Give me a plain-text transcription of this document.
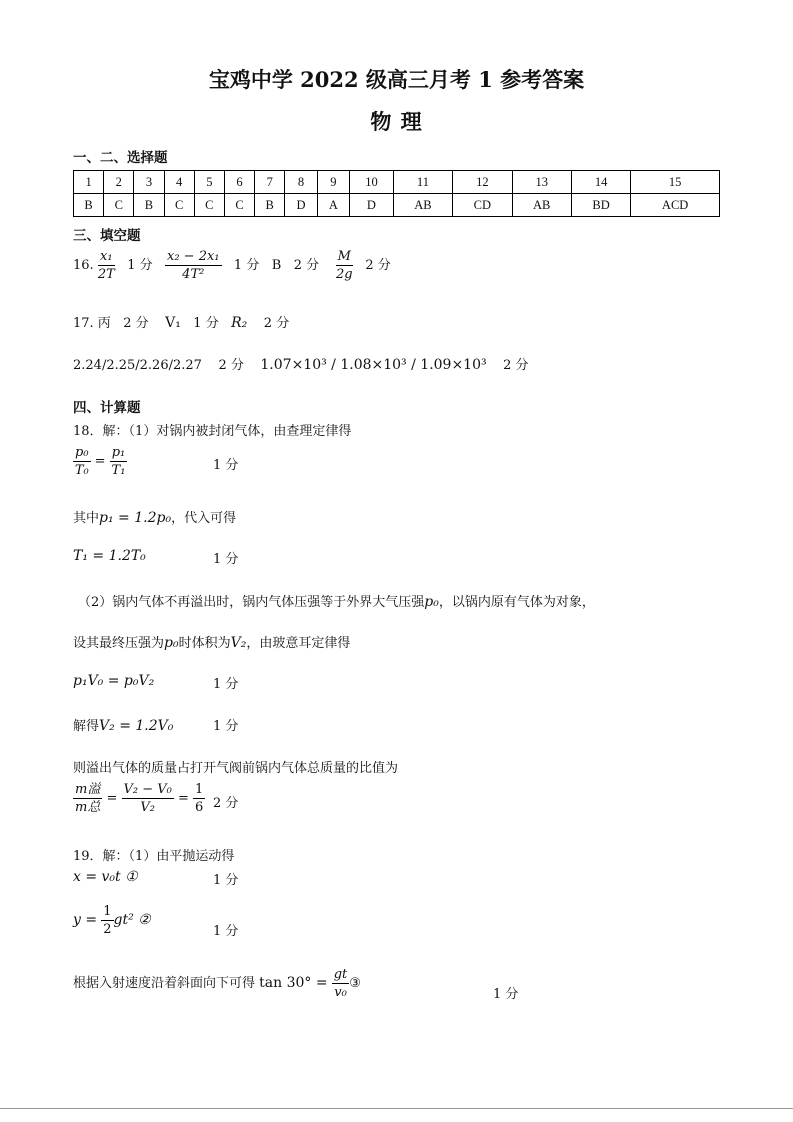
宝鸡中学 2022 级高三月考 1 参考答案
物 理
一、二、选择题
1	2	3	4	5	6	7	8	9	10	11	12	13	14	15
B	C	B	C	C	C	B	D	A	D	AB	CD	AB	BD	ACD
三、填空题
16. $\frac{\text{x₁}}{2T} 1$ 分 $\frac{\text{x₂ − 2x₁}}{\text{4T²}} 1$ 分 B 2 分 $\frac{M}{2g} 2$ 分
17. 丙 2 分 V₁ 1 分 R₂ 2 分
2.24/2.25/2.26/2.27 2 分 1.07×10³ / 1.08×10³ / 1.09×10³ 2 分
四、计算题
18．解：（1）对锅内被封闭气体，由查理定律得
$\frac{\text{p₀}}{\text{T₀}} = \frac{\text{p₁}}{\text{T₁}}$	1 分
其中p₁ = 1.2p₀，代入可得
T₁ = 1.2T₀	1 分
（2）锅内气体不再溢出时，锅内气体压强等于外界大气压强p₀，以锅内原有气体为对象，
设其最终压强为p₀时体积为V₂，由玻意耳定律得
p₁V₀ = p₀V₂	1 分
解得V₂ = 1.2V₀	1 分
则溢出气体的质量占打开气阀前锅内气体总质量的比值为
$\frac{\text{m溢}}{\text{m总}} = \frac{\text{V₂ − V₀}}{\text{V₂}} = \frac{1}{6} 2$ 分
19．解：（1）由平抛运动得
x = v₀t ①	1 分
$y = \frac{1}{2} gt^2$ ②
1 分
根据入射速度沿着斜面向下可得 $\tan 30^\circ = \frac{gt}{\text{v₀}}$ ③
1 分
